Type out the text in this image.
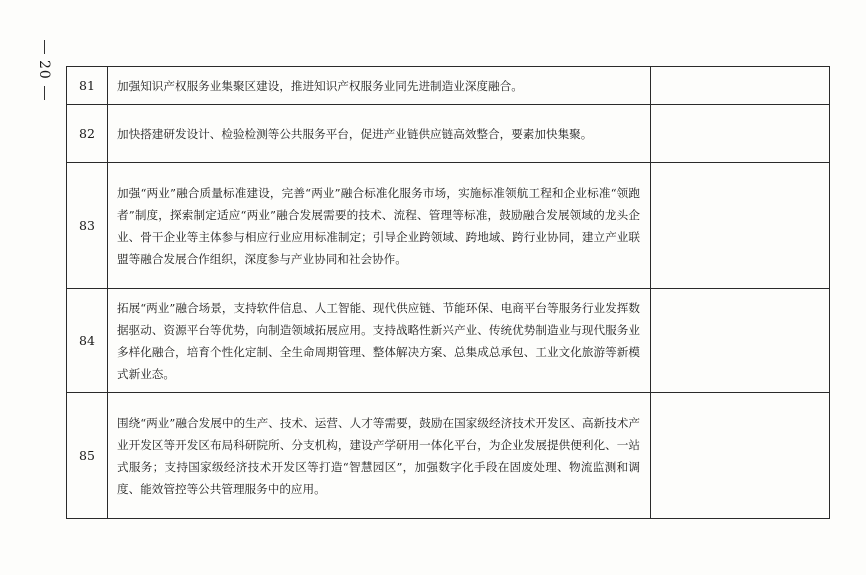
20
81	加强知识产权服务业集聚区建设，推进知识产权服务业同先进制造业深度融合。	
82	加快搭建研发设计、检验检测等公共服务平台，促进产业链供应链高效整合，要素加快集聚。	
83	加强“两业”融合质量标准建设，完善“两业”融合标准化服务市场，实施标准领航工程和企业标准“领跑者”制度，探索制定适应“两业”融合发展需要的技术、流程、管理等标准，鼓励融合发展领域的龙头企业、骨干企业等主体参与相应行业应用标准制定；引导企业跨领域、跨地域、跨行业协同，建立产业联盟等融合发展合作组织，深度参与产业协同和社会协作。	
84	拓展“两业”融合场景，支持软件信息、人工智能、现代供应链、节能环保、电商平台等服务行业发挥数据驱动、资源平台等优势，向制造领域拓展应用。支持战略性新兴产业、传统优势制造业与现代服务业多样化融合，培育个性化定制、全生命周期管理、整体解决方案、总集成总承包、工业文化旅游等新模式新业态。	
85	围绕“两业”融合发展中的生产、技术、运营、人才等需要，鼓励在国家级经济技术开发区、高新技术产业开发区等开发区布局科研院所、分支机构，建设产学研用一体化平台，为企业发展提供便利化、一站式服务；支持国家级经济技术开发区等打造“智慧园区”，加强数字化手段在固废处理、物流监测和调度、能效管控等公共管理服务中的应用。	
